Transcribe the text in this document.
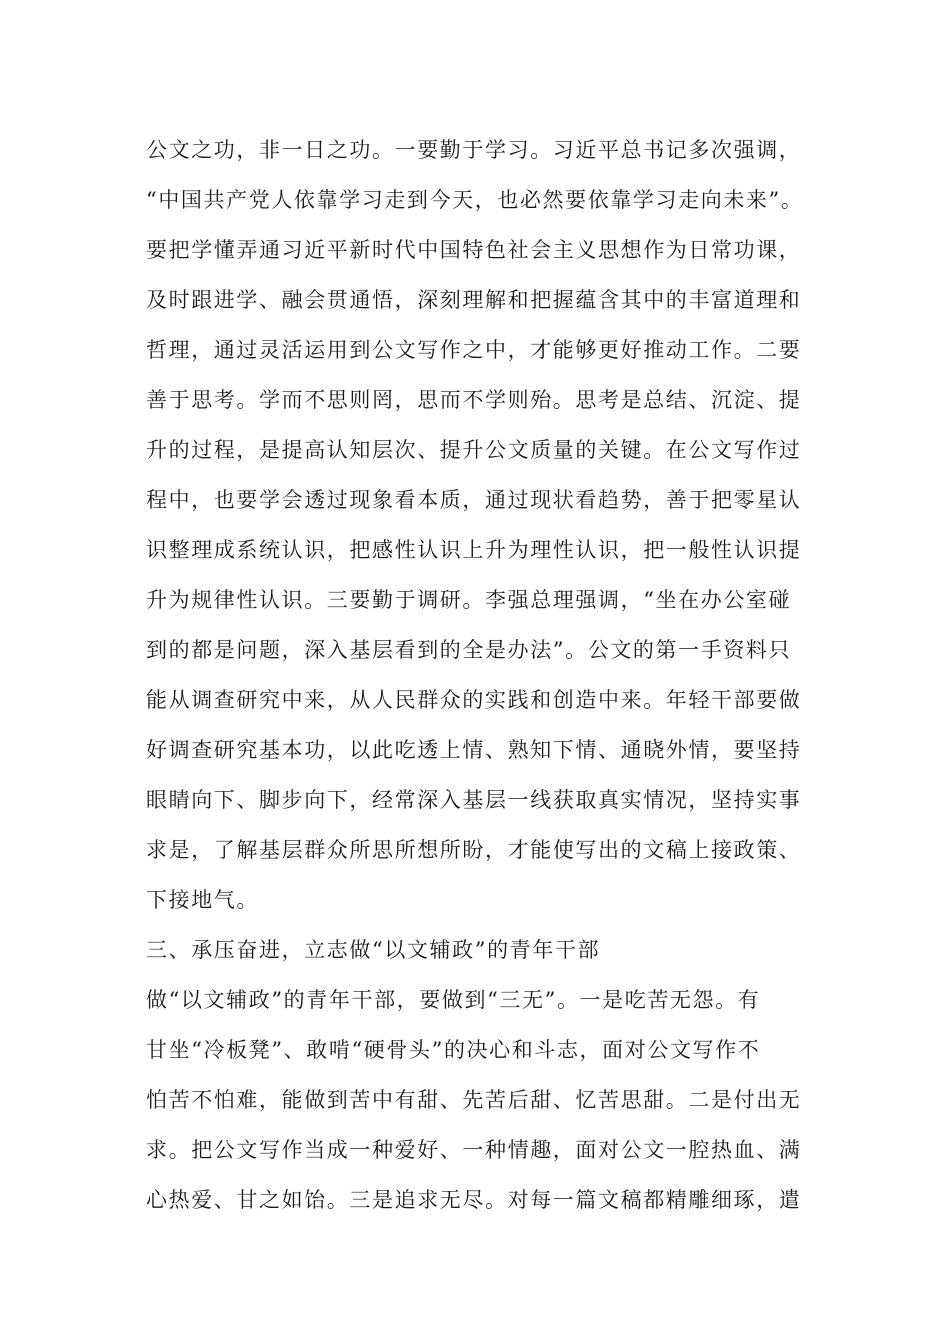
公文之功，非一日之功。一要勤于学习。习近平总书记多次强调，

“中国共产党人依靠学习走到今天，也必然要依靠学习走向未来”。

要把学懂弄通习近平新时代中国特色社会主义思想作为日常功课，

及时跟进学、融会贯通悟，深刻理解和把握蕴含其中的丰富道理和

哲理，通过灵活运用到公文写作之中，才能够更好推动工作。二要

善于思考。学而不思则罔，思而不学则殆。思考是总结、沉淀、提

升的过程，是提高认知层次、提升公文质量的关键。在公文写作过

程中，也要学会透过现象看本质，通过现状看趋势，善于把零星认

识整理成系统认识，把感性认识上升为理性认识，把一般性认识提

升为规律性认识。三要勤于调研。李强总理强调，“坐在办公室碰

到的都是问题，深入基层看到的全是办法”。公文的第一手资料只

能从调查研究中来，从人民群众的实践和创造中来。年轻干部要做

好调查研究基本功，以此吃透上情、熟知下情、通晓外情，要坚持

眼睛向下、脚步向下，经常深入基层一线获取真实情况，坚持实事

求是，了解基层群众所思所想所盼，才能使写出的文稿上接政策、

下接地气。

三、承压奋进，立志做“以文辅政”的青年干部

做“以文辅政”的青年干部，要做到“三无”。一是吃苦无怨。有

甘坐“冷板凳”、敢啃“硬骨头”的决心和斗志，面对公文写作不

怕苦不怕难，能做到苦中有甜、先苦后甜、忆苦思甜。二是付出无

求。把公文写作当成一种爱好、一种情趣，面对公文一腔热血、满

心热爱、甘之如饴。三是追求无尽。对每一篇文稿都精雕细琢，遣
